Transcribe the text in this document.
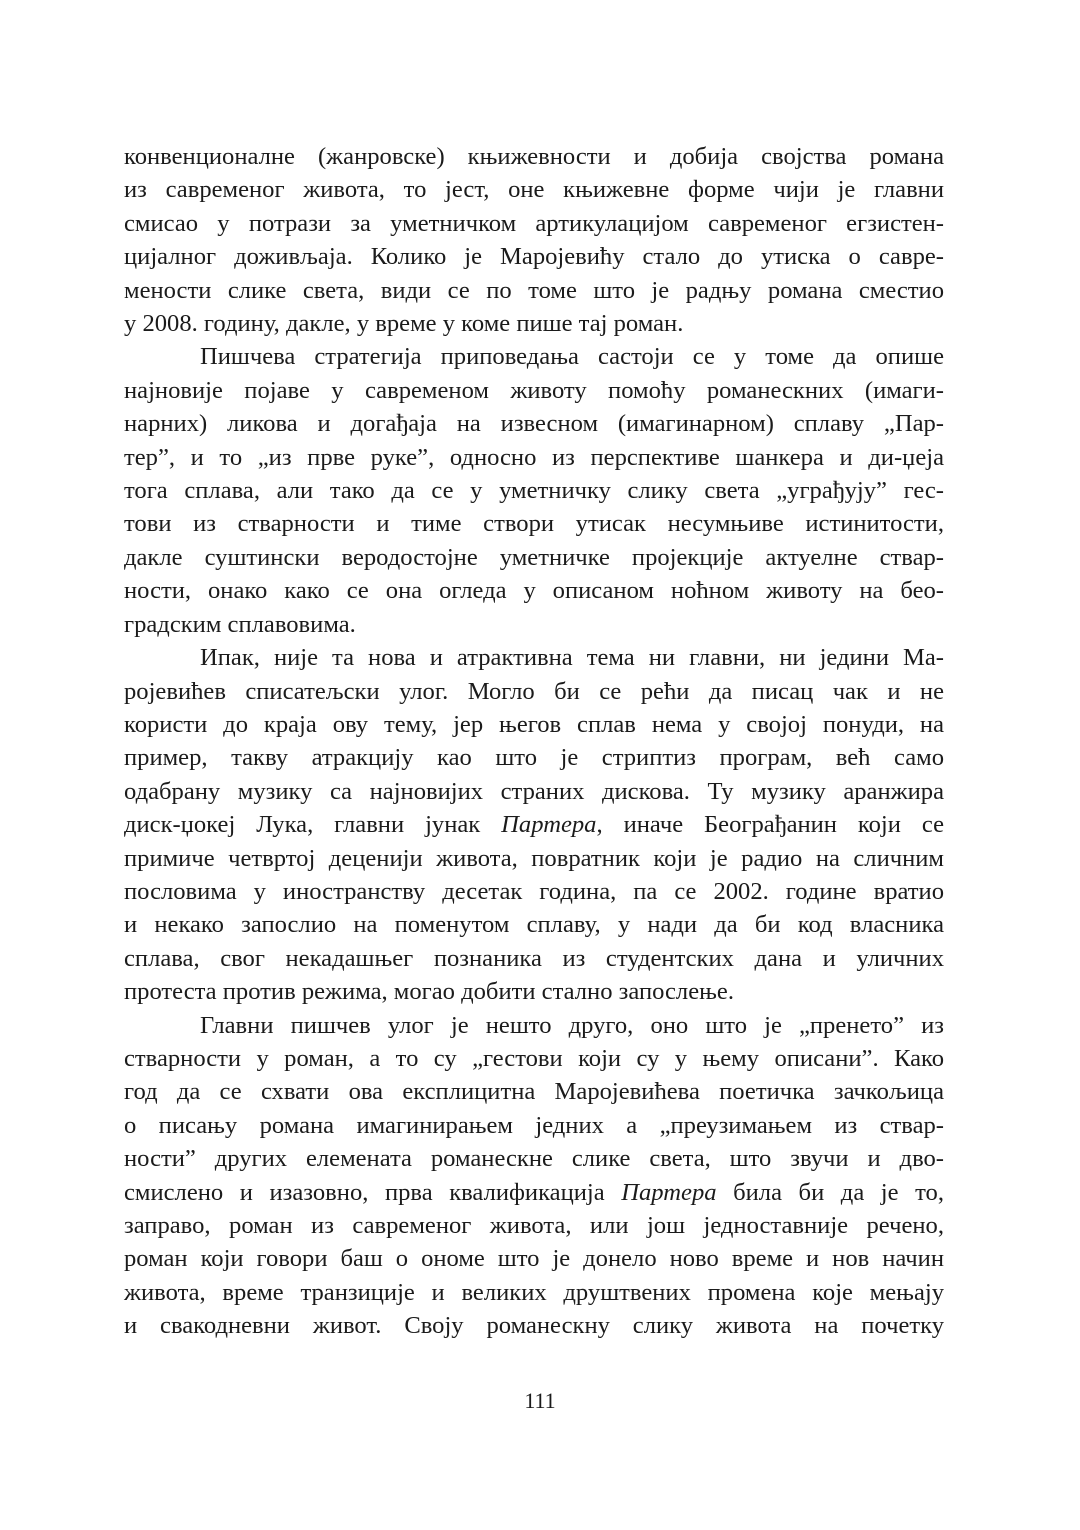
конвенционалне (жанровске) књижевности и добија својства романа
из савременог живота, то јест, оне књижевне форме чији је главни
смисао у потрази за уметничком артикулацијом савременог егзистен-
цијалног доживљаја. Колико је Маројевићу стало до утиска о савре-
мености слике света, види се по томе што је радњу романа сместио
у 2008. годину, дакле, у време у коме пише тај роман.
Пишчева стратегија приповедања састоји се у томе да опише
најновије појаве у савременом животу помоћу романескних (имаги-
нарних) ликова и догађаја на извесном (имагинарном) сплаву „Пар-
тер”, и то „из прве руке”, односно из перспективе шанкера и ди-џеја
тога сплава, али тако да се у уметничку слику света „уграђују” гес-
тови из стварности и тиме створи утисак несумњиве истинитости,
дакле суштински веродостојне уметничке пројекције актуелне ствар-
ности, онако како се она огледа у описаном ноћном животу на бео-
градским сплавовима.
Ипак, није та нова и атрактивна тема ни главни, ни једини Ма-
ројевићев списатељски улог. Могло би се рећи да писац чак и не
користи до краја ову тему, јер његов сплав нема у својој понуди, на
пример, такву атракцију као што је стриптиз програм, већ само
одабрану музику са најновијих страних дискова. Ту музику аранжира
диск-џокеј Лука, главни јунак Партера, иначе Београђанин који се
примиче четвртој деценији живота, повратник који је радио на сличним
пословима у иностранству десетак година, па се 2002. године вратио
и некако запослио на поменутом сплаву, у нади да би код власника
сплава, свог некадашњег познаника из студентских дана и уличних
протеста против режима, могао добити стално запослење.
Главни пишчев улог је нешто друго, оно што је „пренето” из
стварности у роман, а то су „гестови који су у њему описани”. Како
год да се схвати ова експлицитна Маројевићева поетичка зачкољица
о писању романа имагинирањем једних а „преузимањем из ствар-
ности” других елемената романескне слике света, што звучи и дво-
смислено и изазовно, прва квалификација Партера била би да је то,
заправо, роман из савременог живота, или још једноставније речено,
роман који говори баш о ономе што је донело ново време и нов начин
живота, време транзиције и великих друштвених промена које мењају
и свакодневни живот. Своју романескну слику живота на почетку
111
